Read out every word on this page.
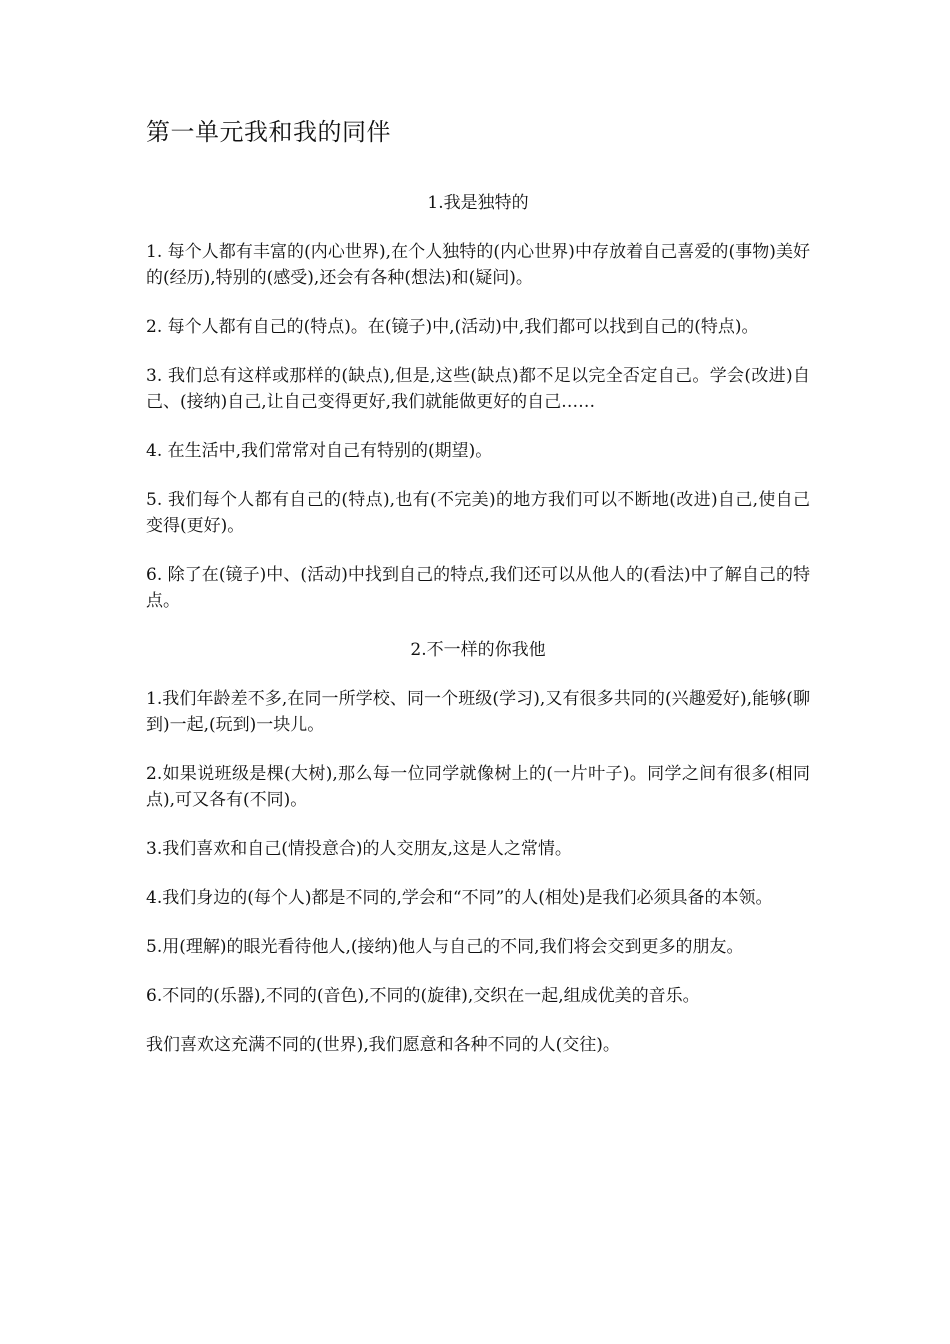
第一单元我和我的同伴
1.我是独特的

1. 每个人都有丰富的(内心世界),在个人独特的(内心世界)中存放着自己喜爱的(事物)美好的(经历),特别的(感受),还会有各种(想法)和(疑问)。

2. 每个人都有自己的(特点)。在(镜子)中,(活动)中,我们都可以找到自己的(特点)。

3. 我们总有这样或那样的(缺点),但是,这些(缺点)都不足以完全否定自己。学会(改进)自己、(接纳)自己,让自己变得更好,我们就能做更好的自己……

4. 在生活中,我们常常对自己有特别的(期望)。

5. 我们每个人都有自己的(特点),也有(不完美)的地方我们可以不断地(改进)自己,使自己变得(更好)。

6. 除了在(镜子)中、(活动)中找到自己的特点,我们还可以从他人的(看法)中了解自己的特点。

2.不一样的你我他

1.我们年龄差不多,在同一所学校、同一个班级(学习),又有很多共同的(兴趣爱好),能够(聊到)一起,(玩到)一块儿。

2.如果说班级是棵(大树),那么每一位同学就像树上的(一片叶子)。同学之间有很多(相同点),可又各有(不同)。

3.我们喜欢和自己(情投意合)的人交朋友,这是人之常情。

4.我们身边的(每个人)都是不同的,学会和“不同”的人(相处)是我们必须具备的本领。

5.用(理解)的眼光看待他人,(接纳)他人与自己的不同,我们将会交到更多的朋友。

6.不同的(乐器),不同的(音色),不同的(旋律),交织在一起,组成优美的音乐。

我们喜欢这充满不同的(世界),我们愿意和各种不同的人(交往)。
